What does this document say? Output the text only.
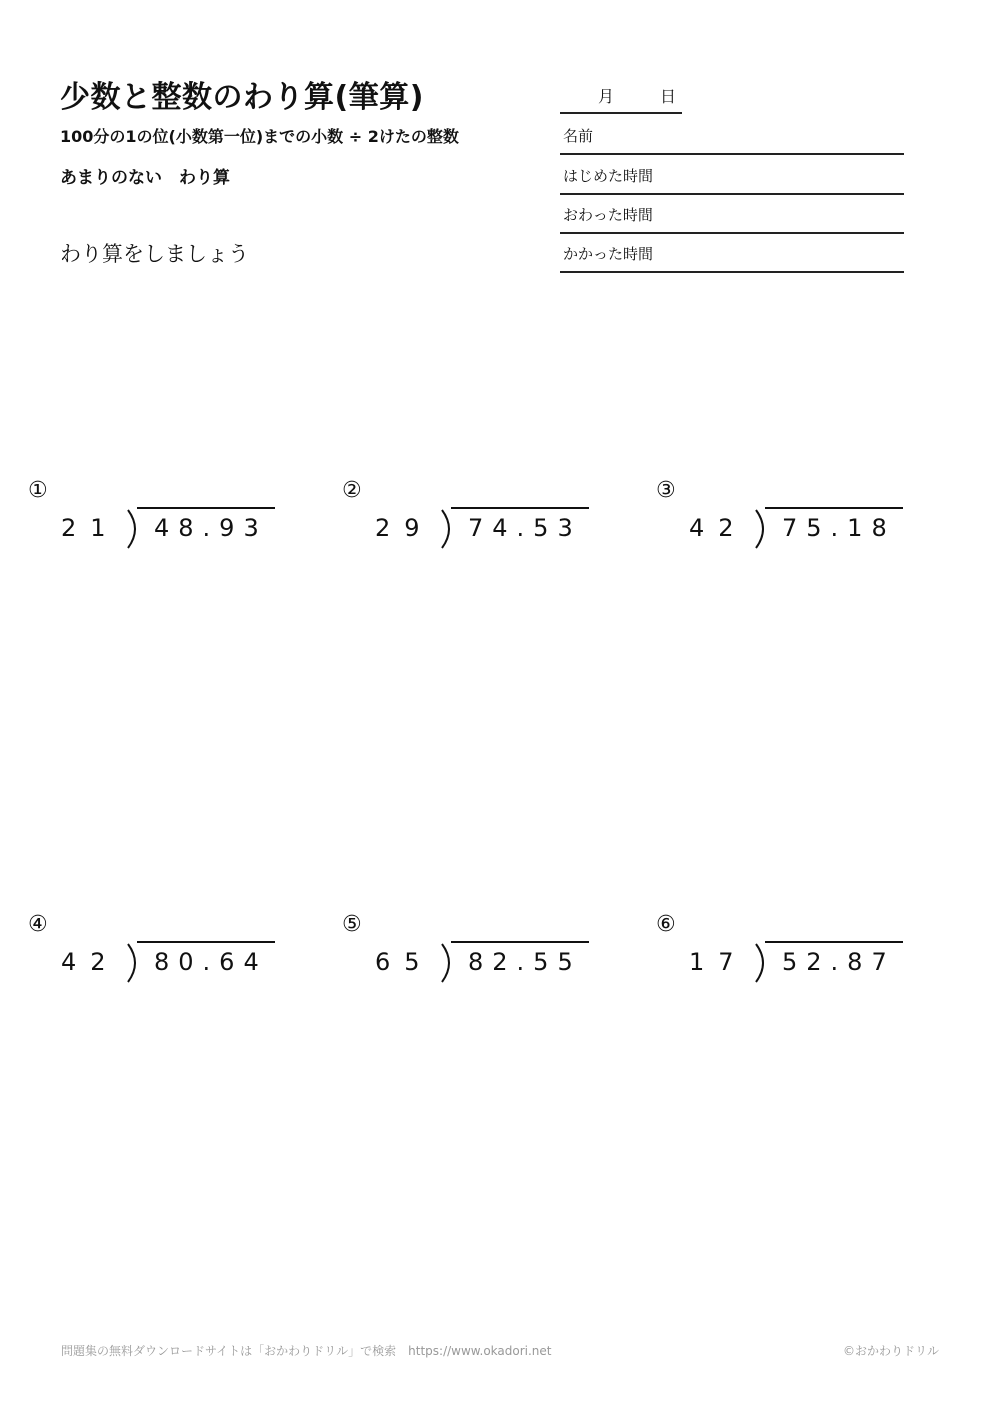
少数と整数のわり算(筆算)
100分の1の位(小数第一位)までの小数 ÷ 2けたの整数
あまりのない　わり算
わり算をしましょう
月	日
名前
はじめた時間
おわった時間
かかった時間
①
21 48.93
②
29 74.53
③
42 75.18
④
42 80.64
⑤
65 82.55
⑥
17 52.87
問題集の無料ダウンロードサイトは「おかわりドリル」で検索　https://www.okadori.net	©おかわりドリル
